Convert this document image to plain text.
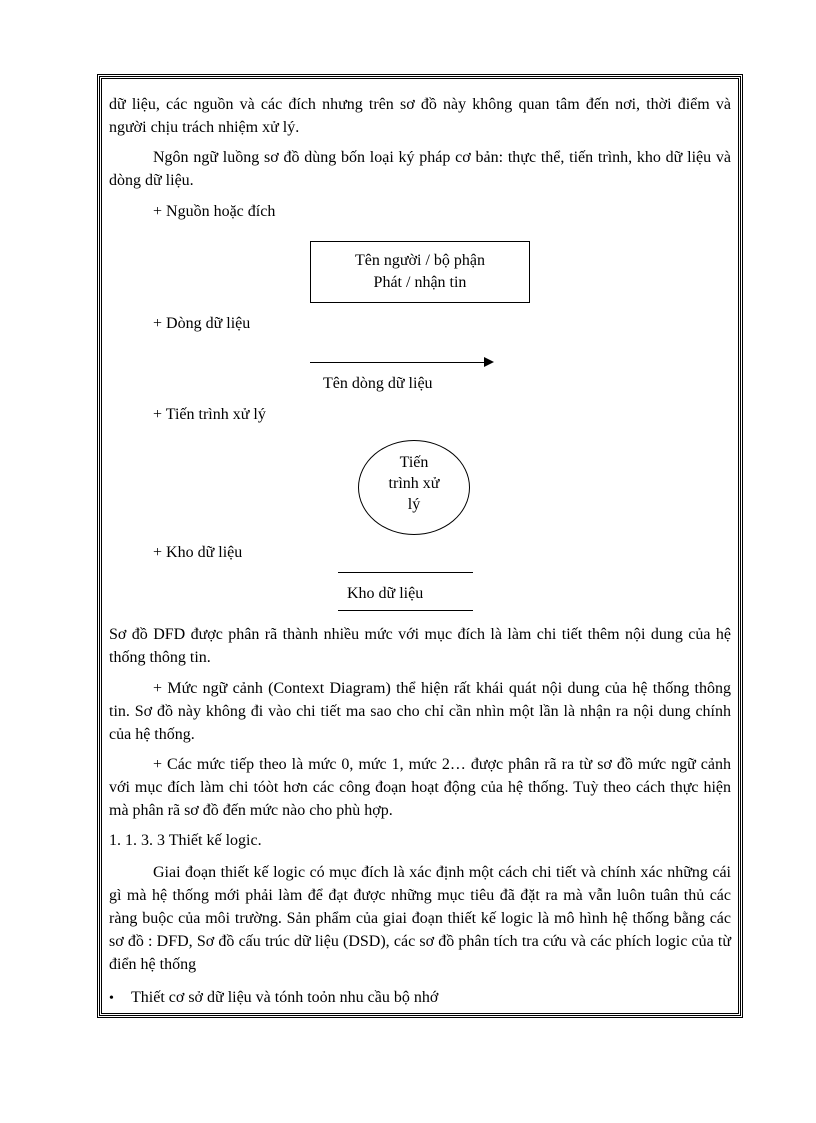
dữ liệu, các nguồn và các đích nhưng trên sơ đồ này không quan tâm đến nơi, thời điểm và người chịu trách nhiệm xử lý.

Ngôn ngữ luồng sơ đồ dùng bốn loại ký pháp cơ bản: thực thể, tiến trình, kho dữ liệu và dòng dữ liệu.

+ Nguồn hoặc đích

Tên người / bộ phận
Phát / nhận tin

+ Dòng dữ liệu

Tên dòng dữ liệu

+ Tiến trình xử lý

Tiến
trình xử
lý

+ Kho dữ liệu

Kho dữ liệu

Sơ đồ DFD được phân rã thành nhiều mức với mục đích là làm chi tiết thêm nội dung của hệ thống thông tin.

+ Mức ngữ cảnh (Context Diagram) thể hiện rất khái quát nội dung của hệ thống thông tin. Sơ đồ này không đi vào chi tiết ma sao cho chỉ cần nhìn một lần là nhận ra nội dung chính của hệ thống.

+ Các mức tiếp theo là mức 0, mức 1, mức 2… được phân rã ra từ sơ đồ mức ngữ cảnh với mục đích làm chi tóòt hơn các công đoạn hoạt động của hệ thống. Tuỳ theo cách thực hiện mà phân rã sơ đồ đến mức nào cho phù hợp.

1. 1. 3. 3 Thiết kế logic.

Giai đoạn thiết kế logic có mục đích là xác định một cách chi tiết và chính xác những cái gì mà hệ thống mới phải làm để đạt được những mục tiêu đã đặt ra mà vẫn luôn tuân thủ các ràng buộc của môi trường. Sản phẩm của giai đoạn thiết kế logic là mô hình hệ thống bằng các sơ đồ : DFD, Sơ đồ cấu trúc dữ liệu (DSD), các sơ đồ phân tích tra cứu và các phích logic của từ điển hệ thống

• Thiết cơ sở dữ liệu và tónh toỏn nhu cầu bộ nhớ
